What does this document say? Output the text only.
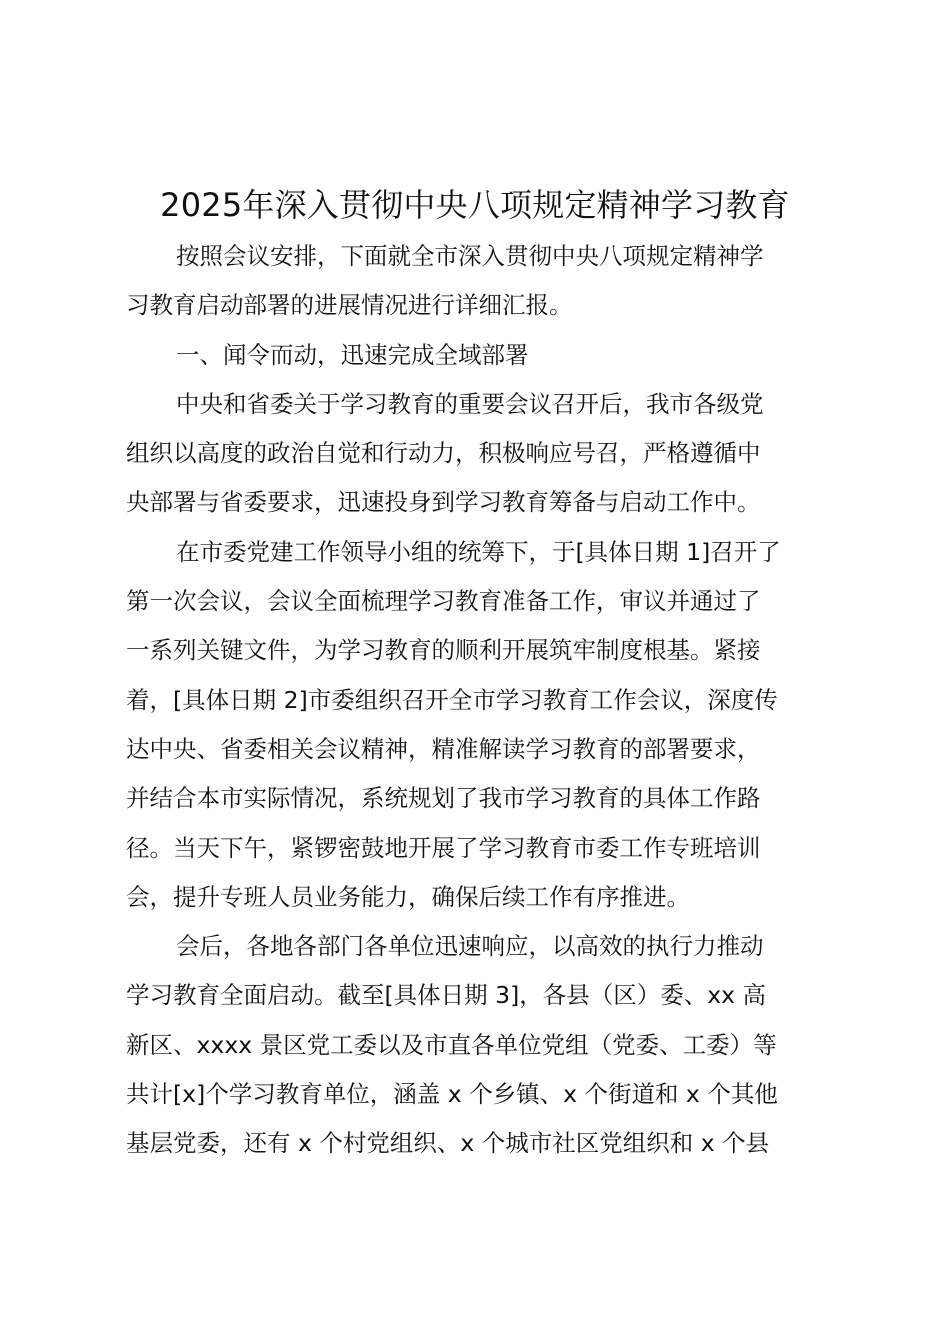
2025年深入贯彻中央八项规定精神学习教育
按照会议安排，下面就全市深入贯彻中央八项规定精神学
习教育启动部署的进展情况进行详细汇报。
一、闻令而动，迅速完成全域部署
中央和省委关于学习教育的重要会议召开后，我市各级党
组织以高度的政治自觉和行动力，积极响应号召，严格遵循中
央部署与省委要求，迅速投身到学习教育筹备与启动工作中。
在市委党建工作领导小组的统筹下，于[具体日期 1]召开了
第一次会议，会议全面梳理学习教育准备工作，审议并通过了
一系列关键文件，为学习教育的顺利开展筑牢制度根基。紧接
着，[具体日期 2]市委组织召开全市学习教育工作会议，深度传
达中央、省委相关会议精神，精准解读学习教育的部署要求，
并结合本市实际情况，系统规划了我市学习教育的具体工作路
径。当天下午，紧锣密鼓地开展了学习教育市委工作专班培训
会，提升专班人员业务能力，确保后续工作有序推进。
会后，各地各部门各单位迅速响应，以高效的执行力推动
学习教育全面启动。截至[具体日期 3]，各县（区）委、xx 高
新区、xxxx 景区党工委以及市直各单位党组（党委、工委）等
共计[x]个学习教育单位，涵盖 x 个乡镇、x 个街道和 x 个其他
基层党委，还有 x 个村党组织、x 个城市社区党组织和 x 个县
